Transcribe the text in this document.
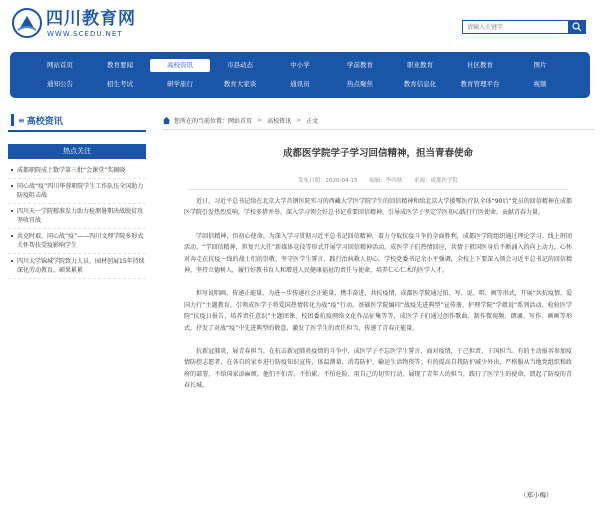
四川教育网
WWW.SCEDU.NET
请输入关键字
网站首页	教育要闻	高校资讯	市县动态	中小学	学前教育	职业教育	社区教育	图片
通知公告	招生考试	研学旅行	教育大家谈	通讯员	热点聚焦	教育信息化	教育管理平台	视频
≡ 高校资讯
热点关注
成都职院成土数学第三批“会课堂”奖揭晓
同心战“疫”四川华蓉职院学生工作队伍全国助力防疫阻击战
四川天一学院精准发力助力检测暑期决战脱贫攻坚收官战
共克时艰，同心战“疫”——四川文理学院多形式关怀帮扶受疫影响学生
四川大学锦城学院致力人员、园材创展15年持续深化劳动教育，硕果累累
您所在的当前位置： 网站首页 > 高校资讯 > 正文
成都医学院学子学习回信精神，担当青春使命
发布日期：2020-04-15 编辑：李四秋 来源：成都医学院

近日，习近平总书记给在北京大学首钢医院实习的西藏大学医学院学生的回信精神和给北京大学援鄂医疗队全体“90后”党员的回信精神在成都医学院引发热烈反响，学校多措并举，深入学习领会好总书记重要回信精神，引导成医学子坚定学医初心践行行医使命，贡献青春力量。

学回信精神，悟初心使命。为深入学习贯彻习近平总书记回信精神，着力夺取抗疫斗争的全面胜利，成都医学院组织通过理论学习、线上班团活动、“学回信精神，担复兴大任”新媒体竞技等形式开展学习回信精神活动。成医学子们热情回应，共情于祖国医身后不断涌入的向上动力，心怀对奔走在抗疫一线的战士们的崇敬，坚守医学生誓言，践行治病救人初心。学校党委书记余小平强调，全校上下要深入领会习近平总书记的回信精神，坚持立德树人，履行好教书育人和增进人民健康福祉的责任与使命，培养仁心仁术的医学人才。

担写说唱画，传递正能量。为进一步传递社会正能量，携手奋进，共抗疫情，成都医学院通过拍、写、说、唱、画等形式，开展“共抗疫情、爱国力行”主题教育，引领成医学子将爱国热情转化为战“疫”行动。基础医学院编印“战疫先进典型”宣传册、护理学院“学姐说”系列活动、检验医学院“抗疫日报告，培养责任意识”主题团课、校团委抗疫网络文化作品征集等等，成医学子们通过创作歌曲、制作微视频、朗诵、写作、画画等形式，抒发了对战“疫”中先进典型的敬意，激发了医学生的责任担当，传递了青春正能量。

抗新冠肺炎，展青春担当。在抗击新冠肺炎疫情的斗争中，成医学子不忘医学生誓言，面对疫情，于己担责、于国担当。有的主动报名参加疫情防控志愿者，在各自的家乡进行防疫知识宣传、体温测量、消毒防护、输运生活物资等；有的提高自我防护减少外出，严格服从当地党组织和政府的部署，不给国家添麻烦。他们不怕苦、不怕累、不怕危险，用自己的切实行动，展现了青年人的担当，践行了医学生的使命，凯起了防疫的青春长城。

（郑小梅）
